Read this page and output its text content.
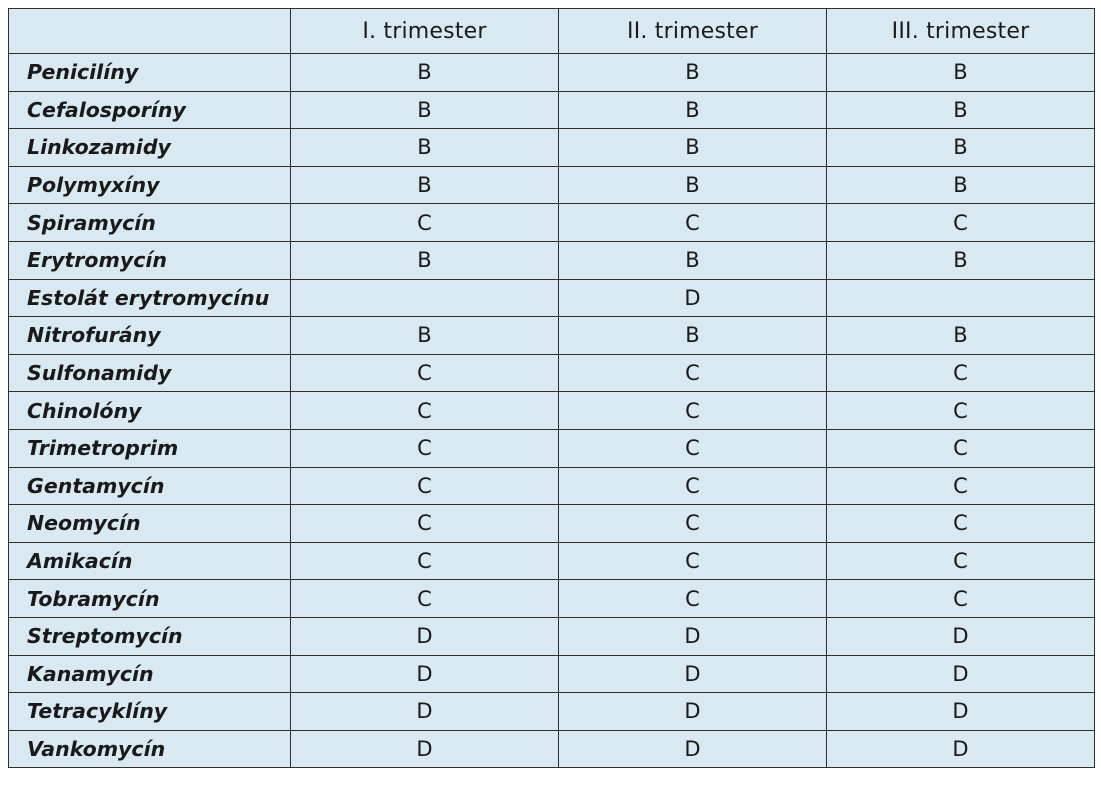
	I. trimester	II. trimester	III. trimester
Penicilíny	B	B	B
Cefalosporíny	B	B	B
Linkozamidy	B	B	B
Polymyxíny	B	B	B
Spiramycín	C	C	C
Erytromycín	B	B	B
Estolát erytromycínu		D	
Nitrofurány	B	B	B
Sulfonamidy	C	C	C
Chinolóny	C	C	C
Trimetroprim	C	C	C
Gentamycín	C	C	C
Neomycín	C	C	C
Amikacín	C	C	C
Tobramycín	C	C	C
Streptomycín	D	D	D
Kanamycín	D	D	D
Tetracyklíny	D	D	D
Vankomycín	D	D	D
